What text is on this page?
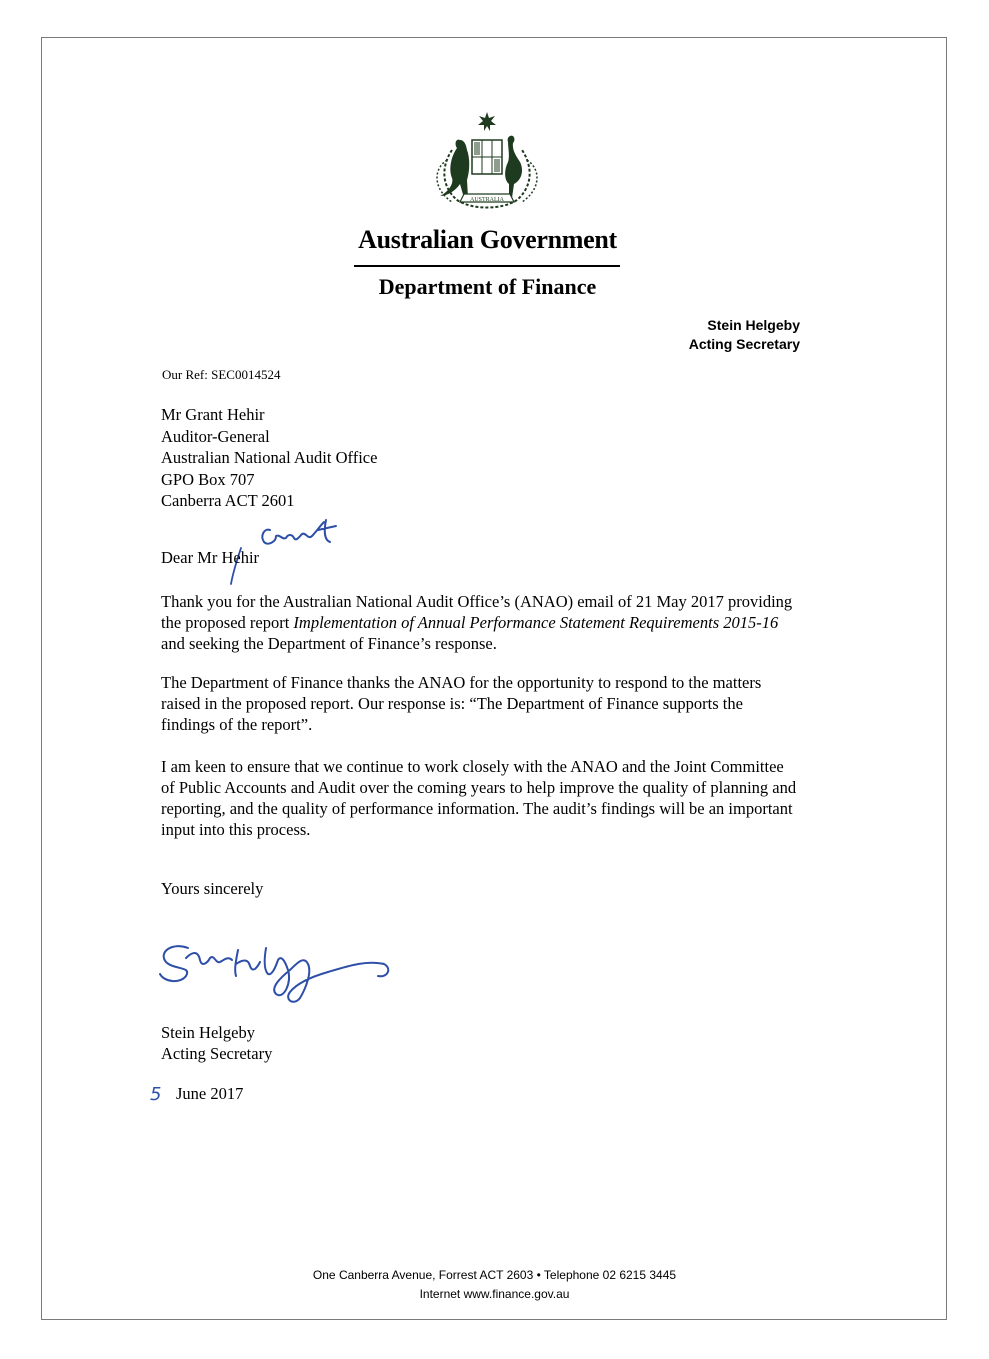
AUSTRALIA
Australian Government
Department of Finance
Stein Helgeby
Acting Secretary
Our Ref: SEC0014524
Mr Grant Hehir
Auditor-General
Australian National Audit Office
GPO Box 707
Canberra ACT 2601
Dear Mr Hehir
Thank you for the Australian National Audit Office’s (ANAO) email of 21 May 2017 providing the proposed report Implementation of Annual Performance Statement Requirements 2015-16 and seeking the Department of Finance’s response.
The Department of Finance thanks the ANAO for the opportunity to respond to the matters raised in the proposed report. Our response is: “The Department of Finance supports the findings of the report”.
I am keen to ensure that we continue to work closely with the ANAO and the Joint Committee of Public Accounts and Audit over the coming years to help improve the quality of planning and reporting, and the quality of performance information. The audit’s findings will be an important input into this process.
Yours sincerely
Stein Helgeby
Acting Secretary
5 June 2017
One Canberra Avenue, Forrest ACT 2603 • Telephone 02 6215 3445
Internet www.finance.gov.au
